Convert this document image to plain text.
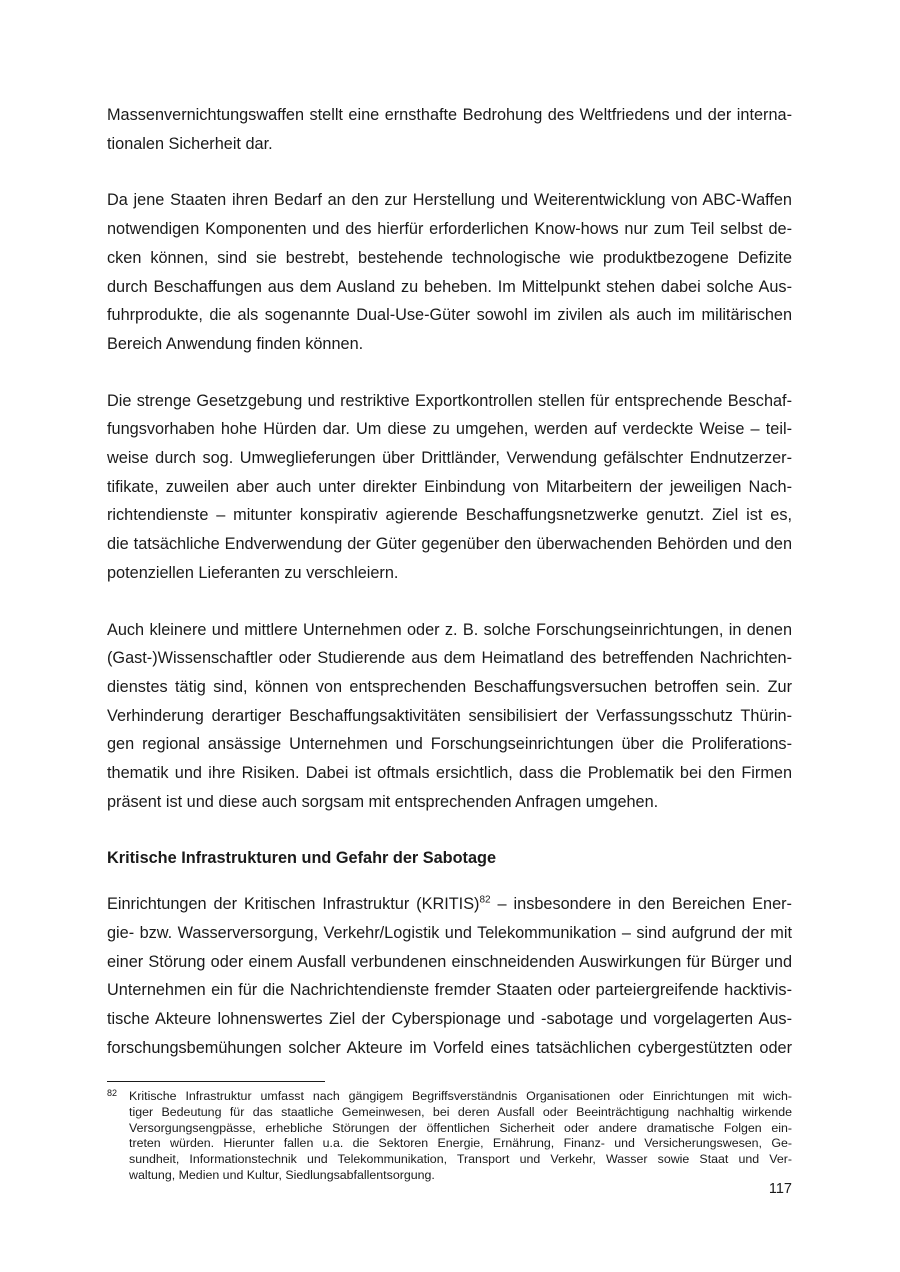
Massenvernichtungswaffen stellt eine ernsthafte Bedrohung des Weltfriedens und der interna-
tionalen Sicherheit dar.
Da jene Staaten ihren Bedarf an den zur Herstellung und Weiterentwicklung von ABC-Waffen
notwendigen Komponenten und des hierfür erforderlichen Know-hows nur zum Teil selbst de-
cken können, sind sie bestrebt, bestehende technologische wie produktbezogene Defizite
durch Beschaffungen aus dem Ausland zu beheben. Im Mittelpunkt stehen dabei solche Aus-
fuhrprodukte, die als sogenannte Dual-Use-Güter sowohl im zivilen als auch im militärischen
Bereich Anwendung finden können.
Die strenge Gesetzgebung und restriktive Exportkontrollen stellen für entsprechende Beschaf-
fungsvorhaben hohe Hürden dar. Um diese zu umgehen, werden auf verdeckte Weise – teil-
weise durch sog. Umweglieferungen über Drittländer, Verwendung gefälschter Endnutzerzer-
tifikate, zuweilen aber auch unter direkter Einbindung von Mitarbeitern der jeweiligen Nach-
richtendienste – mitunter konspirativ agierende Beschaffungsnetzwerke genutzt. Ziel ist es,
die tatsächliche Endverwendung der Güter gegenüber den überwachenden Behörden und den
potenziellen Lieferanten zu verschleiern.
Auch kleinere und mittlere Unternehmen oder z. B. solche Forschungseinrichtungen, in denen
(Gast-)Wissenschaftler oder Studierende aus dem Heimatland des betreffenden Nachrichten-
dienstes tätig sind, können von entsprechenden Beschaffungsversuchen betroffen sein. Zur
Verhinderung derartiger Beschaffungsaktivitäten sensibilisiert der Verfassungsschutz Thürin-
gen regional ansässige Unternehmen und Forschungseinrichtungen über die Proliferations-
thematik und ihre Risiken. Dabei ist oftmals ersichtlich, dass die Problematik bei den Firmen
präsent ist und diese auch sorgsam mit entsprechenden Anfragen umgehen.
Kritische Infrastrukturen und Gefahr der Sabotage
Einrichtungen der Kritischen Infrastruktur (KRITIS)$^{82}$ – insbesondere in den Bereichen Ener-
gie- bzw. Wasserversorgung, Verkehr/Logistik und Telekommunikation – sind aufgrund der mit
einer Störung oder einem Ausfall verbundenen einschneidenden Auswirkungen für Bürger und
Unternehmen ein für die Nachrichtendienste fremder Staaten oder parteiergreifende hacktivis-
tische Akteure lohnenswertes Ziel der Cyberspionage und -sabotage und vorgelagerten Aus-
forschungsbemühungen solcher Akteure im Vorfeld eines tatsächlichen cybergestützten oder
82 Kritische Infrastruktur umfasst nach gängigem Begriffsverständnis Organisationen oder Einrichtungen mit wich-
tiger Bedeutung für das staatliche Gemeinwesen, bei deren Ausfall oder Beeinträchtigung nachhaltig wirkende
Versorgungsengpässe, erhebliche Störungen der öffentlichen Sicherheit oder andere dramatische Folgen ein-
treten würden. Hierunter fallen u.a. die Sektoren Energie, Ernährung, Finanz- und Versicherungswesen, Ge-
sundheit, Informationstechnik und Telekommunikation, Transport und Verkehr, Wasser sowie Staat und Ver-
waltung, Medien und Kultur, Siedlungsabfallentsorgung.
117
